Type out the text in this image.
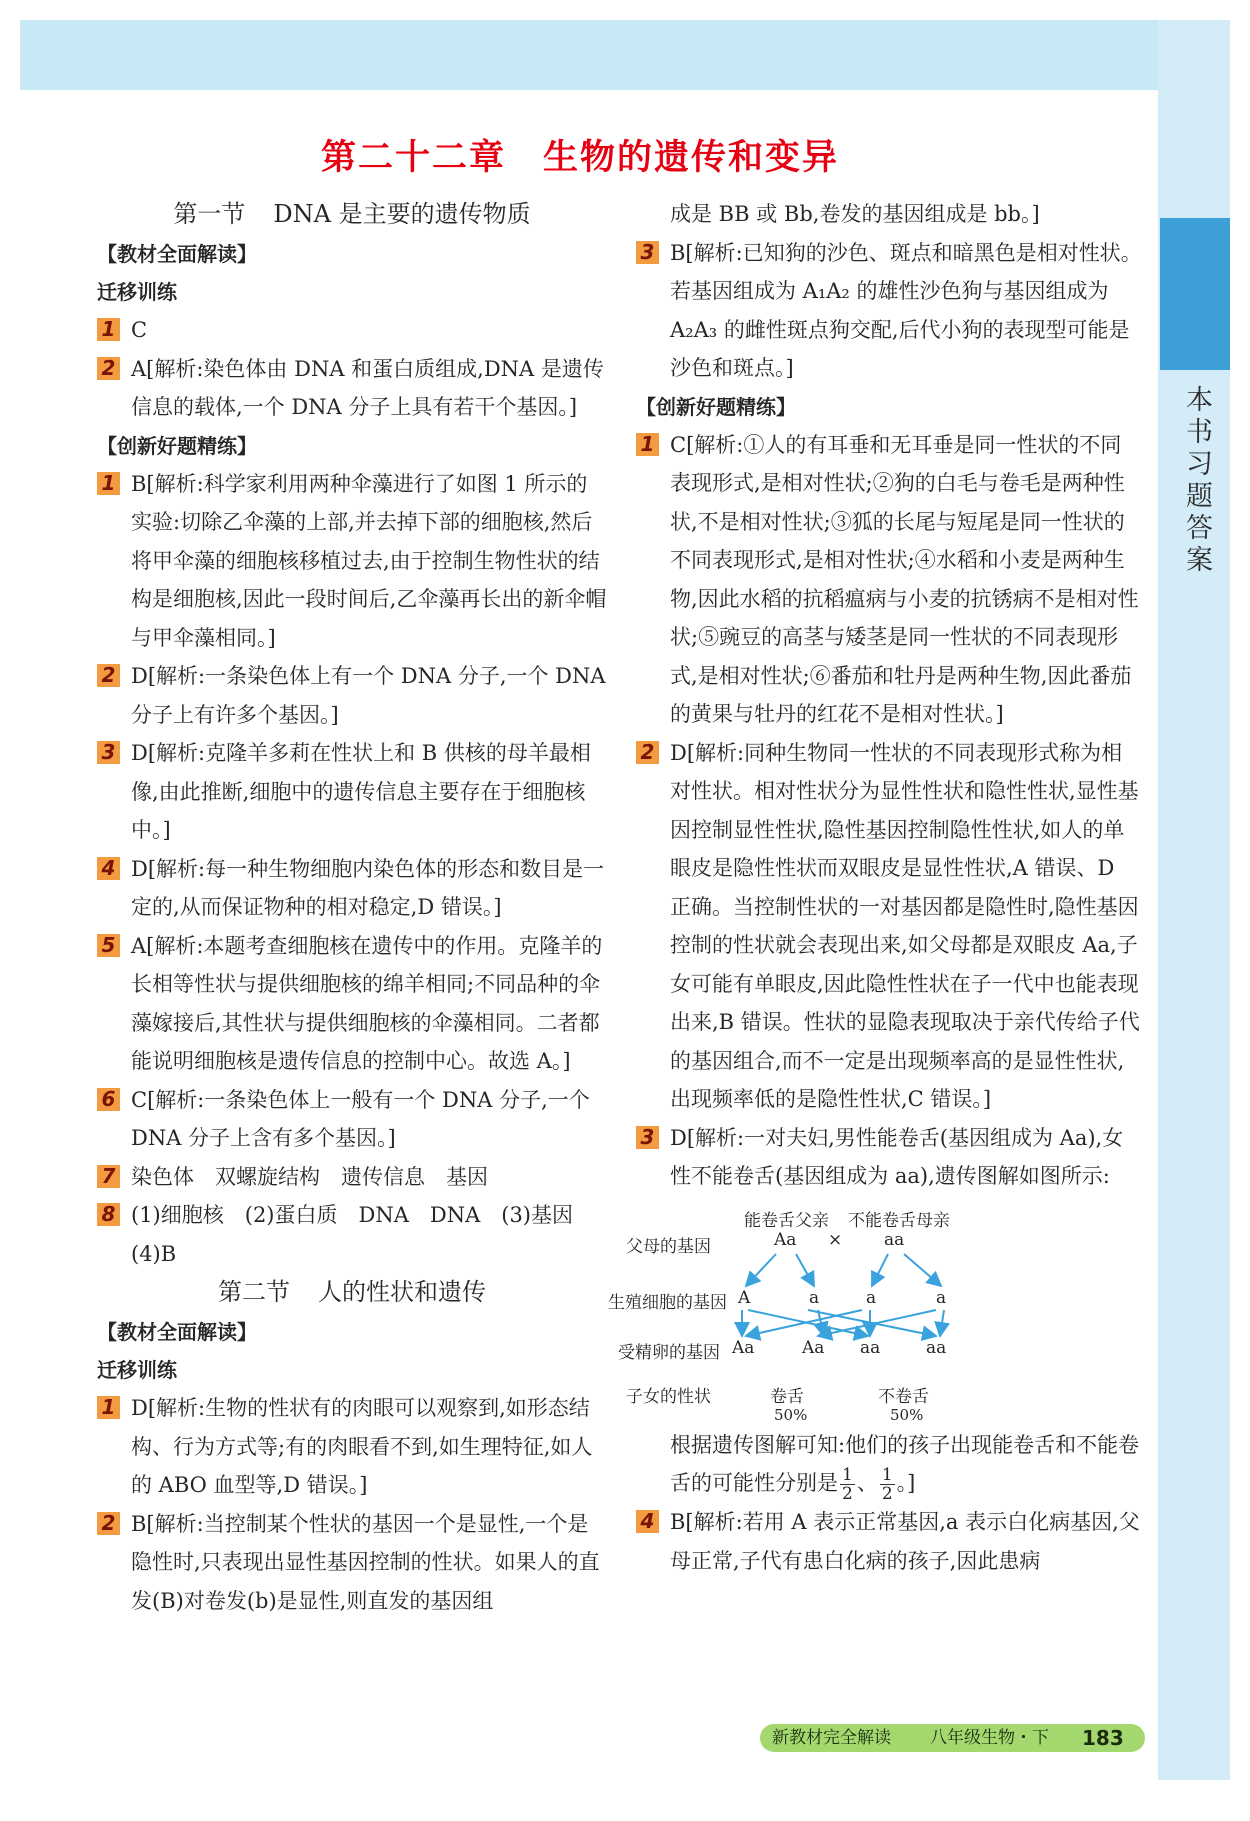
本书习题答案
第二十二章　生物的遗传和变异
第一节 DNA 是主要的遗传物质
【教材全面解读】
迁移训练
1 C
2 A[解析:染色体由 DNA 和蛋白质组成,DNA 是遗传信息的载体,一个 DNA 分子上具有若干个基因。]
【创新好题精练】
1 B[解析:科学家利用两种伞藻进行了如图 1 所示的实验:切除乙伞藻的上部,并去掉下部的细胞核,然后将甲伞藻的细胞核移植过去,由于控制生物性状的结构是细胞核,因此一段时间后,乙伞藻再长出的新伞帽与甲伞藻相同。]
2 D[解析:一条染色体上有一个 DNA 分子,一个 DNA 分子上有许多个基因。]
3 D[解析:克隆羊多莉在性状上和 B 供核的母羊最相像,由此推断,细胞中的遗传信息主要存在于细胞核中。]
4 D[解析:每一种生物细胞内染色体的形态和数目是一定的,从而保证物种的相对稳定,D 错误。]
5 A[解析:本题考查细胞核在遗传中的作用。克隆羊的长相等性状与提供细胞核的绵羊相同;不同品种的伞藻嫁接后,其性状与提供细胞核的伞藻相同。二者都能说明细胞核是遗传信息的控制中心。故选 A。]
6 C[解析:一条染色体上一般有一个 DNA 分子,一个 DNA 分子上含有多个基因。]
7 染色体　双螺旋结构　遗传信息　基因
8 (1)细胞核　(2)蛋白质　DNA　DNA　(3)基因　(4)B
第二节 人的性状和遗传
【教材全面解读】
迁移训练
1 D[解析:生物的性状有的肉眼可以观察到,如形态结构、行为方式等;有的肉眼看不到,如生理特征,如人的 ABO 血型等,D 错误。]
2 B[解析:当控制某个性状的基因一个是显性,一个是隐性时,只表现出显性基因控制的性状。如果人的直发(B)对卷发(b)是显性,则直发的基因组
成是 BB 或 Bb,卷发的基因组成是 bb。]
3 B[解析:已知狗的沙色、斑点和暗黑色是相对性状。若基因组成为 A₁A₂ 的雄性沙色狗与基因组成为 A₂A₃ 的雌性斑点狗交配,后代小狗的表现型可能是沙色和斑点。]
【创新好题精练】
1 C[解析:①人的有耳垂和无耳垂是同一性状的不同表现形式,是相对性状;②狗的白毛与卷毛是两种性状,不是相对性状;③狐的长尾与短尾是同一性状的不同表现形式,是相对性状;④水稻和小麦是两种生物,因此水稻的抗稻瘟病与小麦的抗锈病不是相对性状;⑤豌豆的高茎与矮茎是同一性状的不同表现形式,是相对性状;⑥番茄和牡丹是两种生物,因此番茄的黄果与牡丹的红花不是相对性状。]
2 D[解析:同种生物同一性状的不同表现形式称为相对性状。相对性状分为显性性状和隐性性状,显性基因控制显性性状,隐性基因控制隐性性状,如人的单眼皮是隐性性状而双眼皮是显性性状,A 错误、D 正确。当控制性状的一对基因都是隐性时,隐性基因控制的性状就会表现出来,如父母都是双眼皮 Aa,子女可能有单眼皮,因此隐性性状在子一代中也能表现出来,B 错误。性状的显隐表现取决于亲代传给子代的基因组合,而不一定是出现频率高的是显性性状,出现频率低的是隐性性状,C 错误。]
3 D[解析:一对夫妇,男性能卷舌(基因组成为 Aa),女性不能卷舌(基因组成为 aa),遗传图解如图所示:
能卷舌父亲 不能卷舌母亲
父母的基因	Aa × aa
生殖细胞的基因 A	a	a	a
受精卵的基因 Aa	Aa aa	aa
子女的性状	卷舌	不卷舌
50%	50%
根据遗传图解可知:他们的孩子出现能卷舌和不能卷舌的可能性分别是 $\frac{1}{2}$ 、 $\frac{1}{2}$ 。]
4 B[解析:若用 A 表示正常基因,a 表示白化病基因,父母正常,子代有患白化病的孩子,因此患病
新教材完全解读 八年级生物・下 183
